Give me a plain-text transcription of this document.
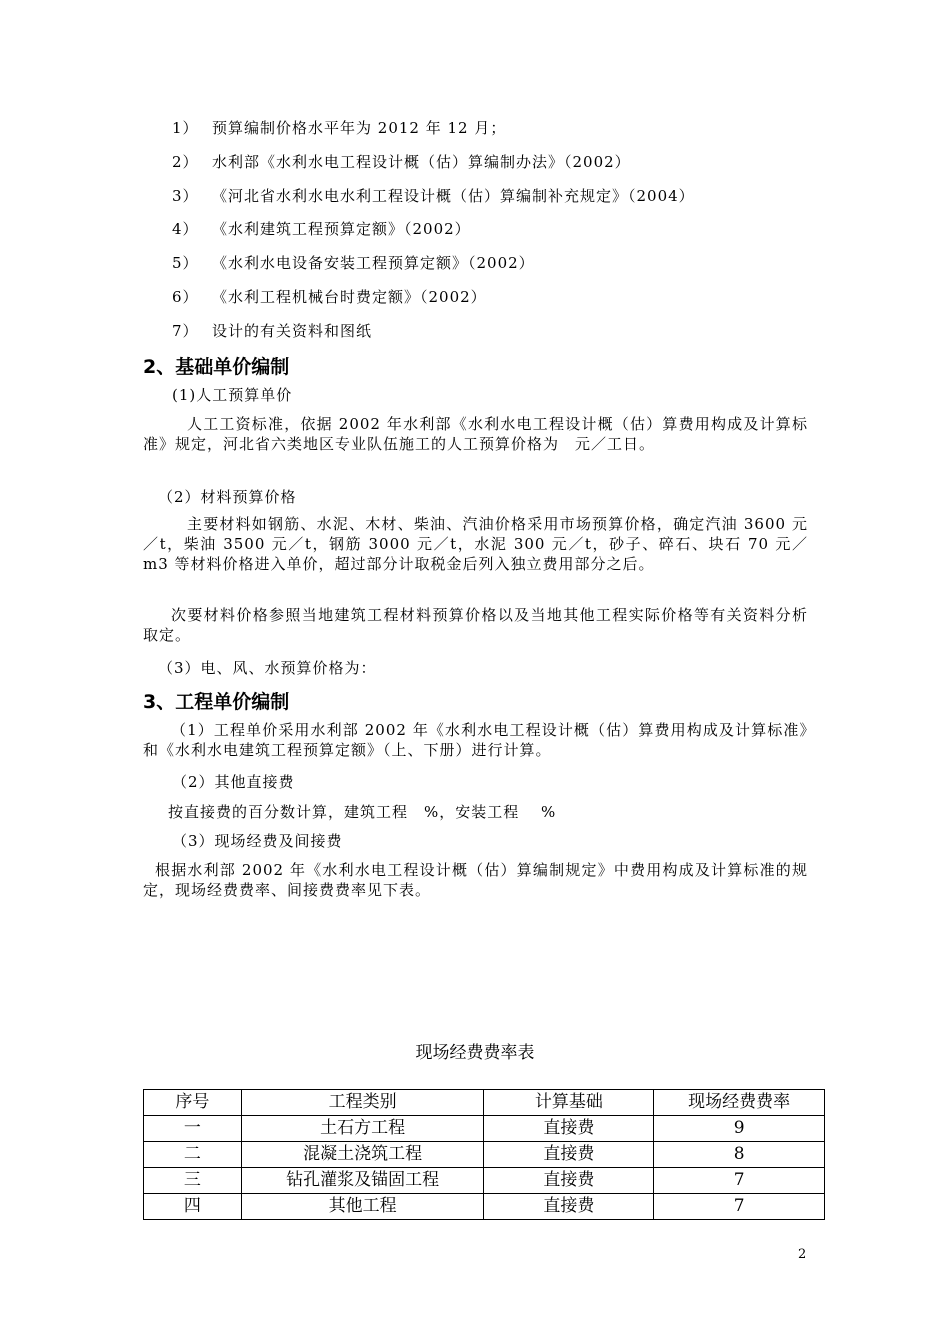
1） 预算编制价格水平年为 2012 年 12 月；
2） 水利部《水利水电工程设计概（估）算编制办法》（2002）
3） 《河北省水利水电水利工程设计概（估）算编制补充规定》（2004）
4） 《水利建筑工程预算定额》（2002）
5） 《水利水电设备安装工程预算定额》（2002）
6） 《水利工程机械台时费定额》（2002）
7） 设计的有关资料和图纸
2、基础单价编制
(1)人工预算单价
人工工资标准，依据 2002 年水利部《水利水电工程设计概（估）算费用构成及计算标准》规定，河北省六类地区专业队伍施工的人工预算价格为　元／工日。
（2）材料预算价格
主要材料如钢筋、水泥、木材、柴油、汽油价格采用市场预算价格，确定汽油 3600 元／t，柴油 3500 元／t，钢筋 3000 元／t，水泥 300 元／t，砂子、碎石、块石 70 元／m3 等材料价格进入单价，超过部分计取税金后列入独立费用部分之后。
次要材料价格参照当地建筑工程材料预算价格以及当地其他工程实际价格等有关资料分析取定。
（3）电、风、水预算价格为：
3、工程单价编制
（1）工程单价采用水利部 2002 年《水利水电工程设计概（估）算费用构成及计算标准》和《水利水电建筑工程预算定额》（上、下册）进行计算。
（2）其他直接费
按直接费的百分数计算，建筑工程　%，安装工程　 %
（3）现场经费及间接费
根据水利部 2002 年《水利水电工程设计概（估）算编制规定》中费用构成及计算标准的规定，现场经费费率、间接费费率见下表。
现场经费费率表
序号	工程类别	计算基础	现场经费费率
一	土石方工程	直接费	9
二	混凝土浇筑工程	直接费	8
三	钻孔灌浆及锚固工程	直接费	7
四	其他工程	直接费	7
2
